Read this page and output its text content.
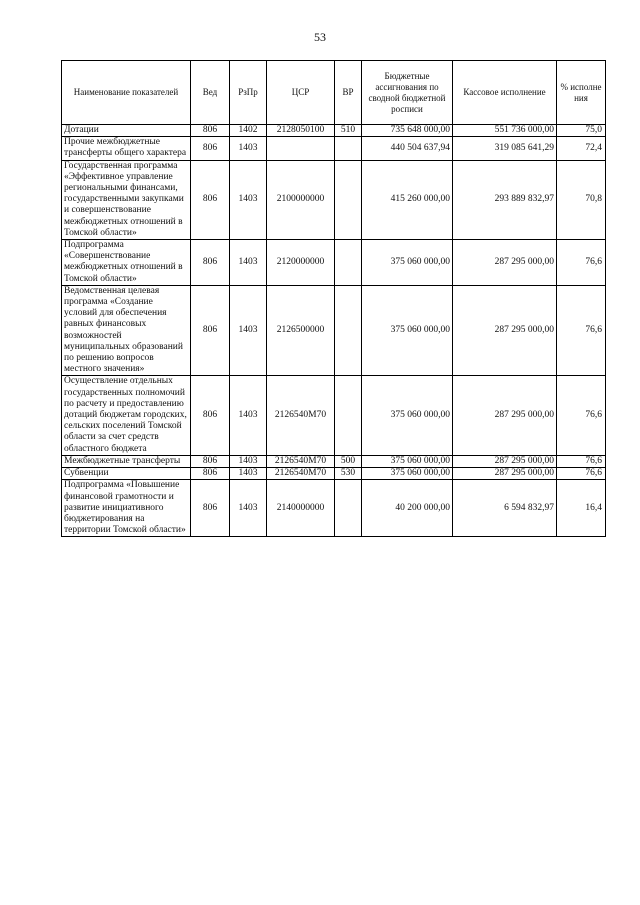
53
Наименование показателей	Вед	РзПр	ЦСР	ВР	Бюджетные ассигнования по сводной бюджетной росписи	Кассовое исполнение	% исполне ния
Дотации	806	1402	2128050100	510	735 648 000,00	551 736 000,00	75,0
Прочие межбюджетные трансферты общего характера	806	1403			440 504 637,94	319 085 641,29	72,4
Государственная программа «Эффективное управление региональными финансами, государственными закупками и совершенствование межбюджетных отношений в Томской области»	806	1403	2100000000		415 260 000,00	293 889 832,97	70,8
Подпрограмма «Совершенствование межбюджетных отношений в Томской области»	806	1403	2120000000		375 060 000,00	287 295 000,00	76,6
Ведомственная целевая программа «Создание условий для обеспечения равных финансовых возможностей муниципальных образований по решению вопросов местного значения»	806	1403	2126500000		375 060 000,00	287 295 000,00	76,6
Осуществление отдельных государственных полномочий по расчету и предоставлению дотаций бюджетам городских, сельских поселений Томской области за счет средств областного бюджета	806	1403	2126540M70		375 060 000,00	287 295 000,00	76,6
Межбюджетные трансферты	806	1403	2126540M70	500	375 060 000,00	287 295 000,00	76,6
Субвенции	806	1403	2126540M70	530	375 060 000,00	287 295 000,00	76,6
Подпрограмма «Повышение финансовой грамотности и развитие инициативного бюджетирования на территории Томской области»	806	1403	2140000000		40 200 000,00	6 594 832,97	16,4
